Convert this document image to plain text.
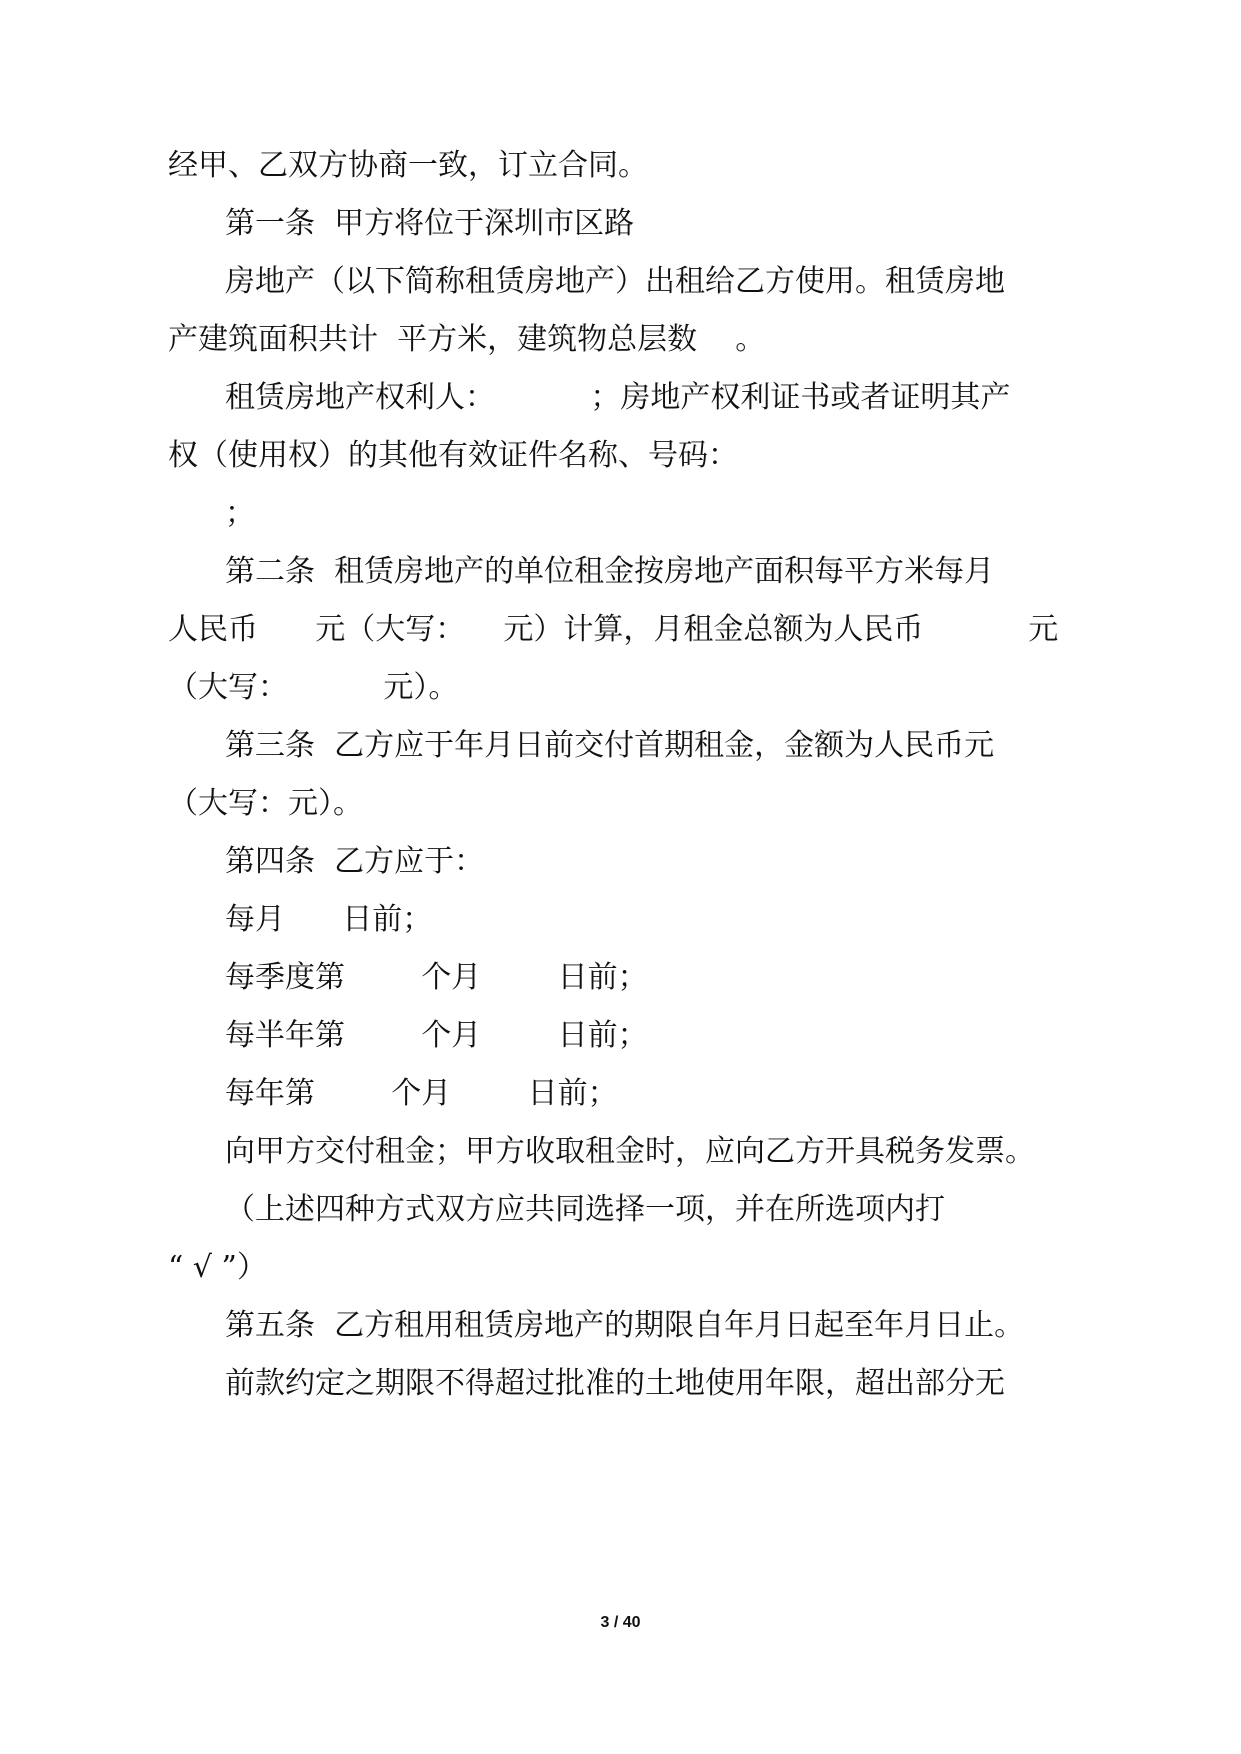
经甲、乙双方协商一致，订立合同。
第一条  甲方将位于深圳市区路
房地产（以下简称租赁房地产）出租给乙方使用。租赁房地
产建筑面积共计  平方米，建筑物总层数    。
租赁房地产权利人：          ；房地产权利证书或者证明其产
权（使用权）的其他有效证件名称、号码：
；
第二条  租赁房地产的单位租金按房地产面积每平方米每月
人民币      元（大写：    元）计算，月租金总额为人民币           元
（大写：          元）。
第三条  乙方应于年月日前交付首期租金，金额为人民币元
（大写：元）。
第四条  乙方应于：
每月      日前；
每季度第        个月        日前；
每半年第        个月        日前；
每年第        个月        日前；
向甲方交付租金；甲方收取租金时，应向乙方开具税务发票。
（上述四种方式双方应共同选择一项，并在所选项内打
“ √ ”）
第五条  乙方租用租赁房地产的期限自年月日起至年月日止。
前款约定之期限不得超过批准的土地使用年限，超出部分无
3 / 40
